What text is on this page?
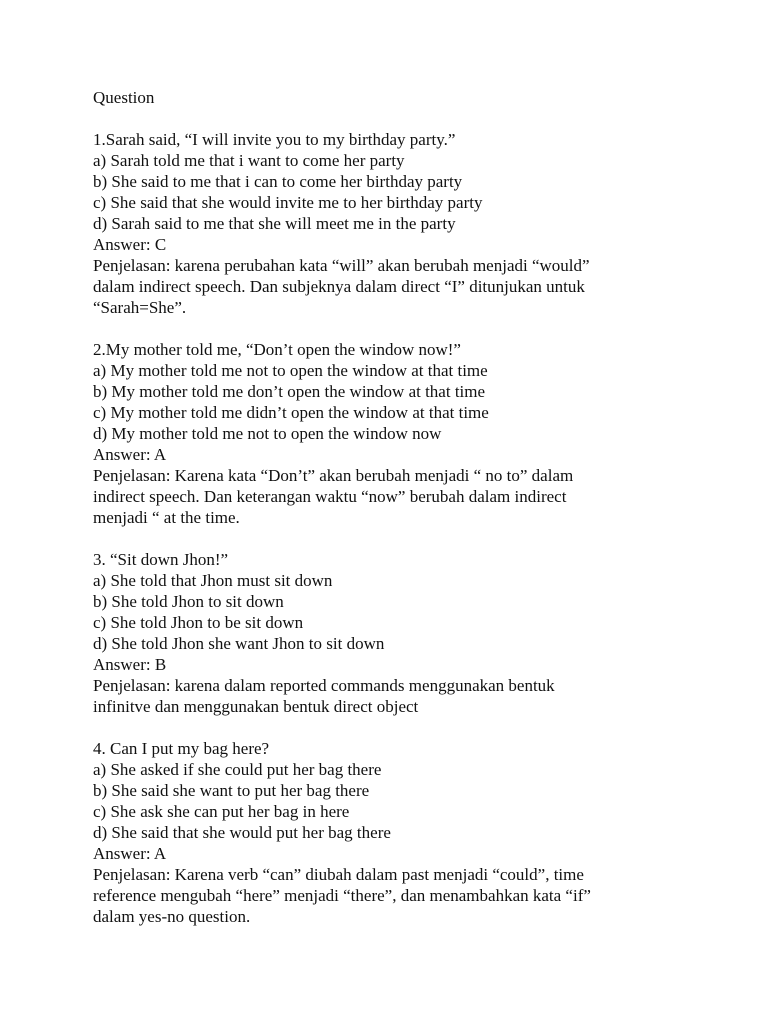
Question
1.Sarah said, “I will invite you to my birthday party.”
a) Sarah told me that i want to come her party
b) She said to me that i can to come her birthday party
c) She said that she would invite me to her birthday party
d) Sarah said to me that she will meet me in the party
Answer: C
Penjelasan: karena perubahan kata “will” akan berubah menjadi “would”
dalam indirect speech. Dan subjeknya dalam direct “I” ditunjukan untuk
“Sarah=She”.
2.My mother told me, “Don’t open the window now!”
a) My mother told me not to open the window at that time
b) My mother told me don’t open the window at that time
c) My mother told me didn’t open the window at that time
d) My mother told me not to open the window now
Answer: A
Penjelasan: Karena kata “Don’t” akan berubah menjadi “ no to” dalam
indirect speech. Dan keterangan waktu “now” berubah dalam indirect
menjadi “ at the time.
3. “Sit down Jhon!”
a) She told that Jhon must sit down
b) She told Jhon to sit down
c) She told Jhon to be sit down
d) She told Jhon she want Jhon to sit down
Answer: B
Penjelasan: karena dalam reported commands menggunakan bentuk
infinitve dan menggunakan bentuk direct object
4. Can I put my bag here?
a) She asked if she could put her bag there
b) She said she want to put her bag there
c) She ask she can put her bag in here
d) She said that she would put her bag there
Answer: A
Penjelasan: Karena verb “can” diubah dalam past menjadi “could”, time
reference mengubah “here” menjadi “there”, dan menambahkan kata “if”
dalam yes-no question.
